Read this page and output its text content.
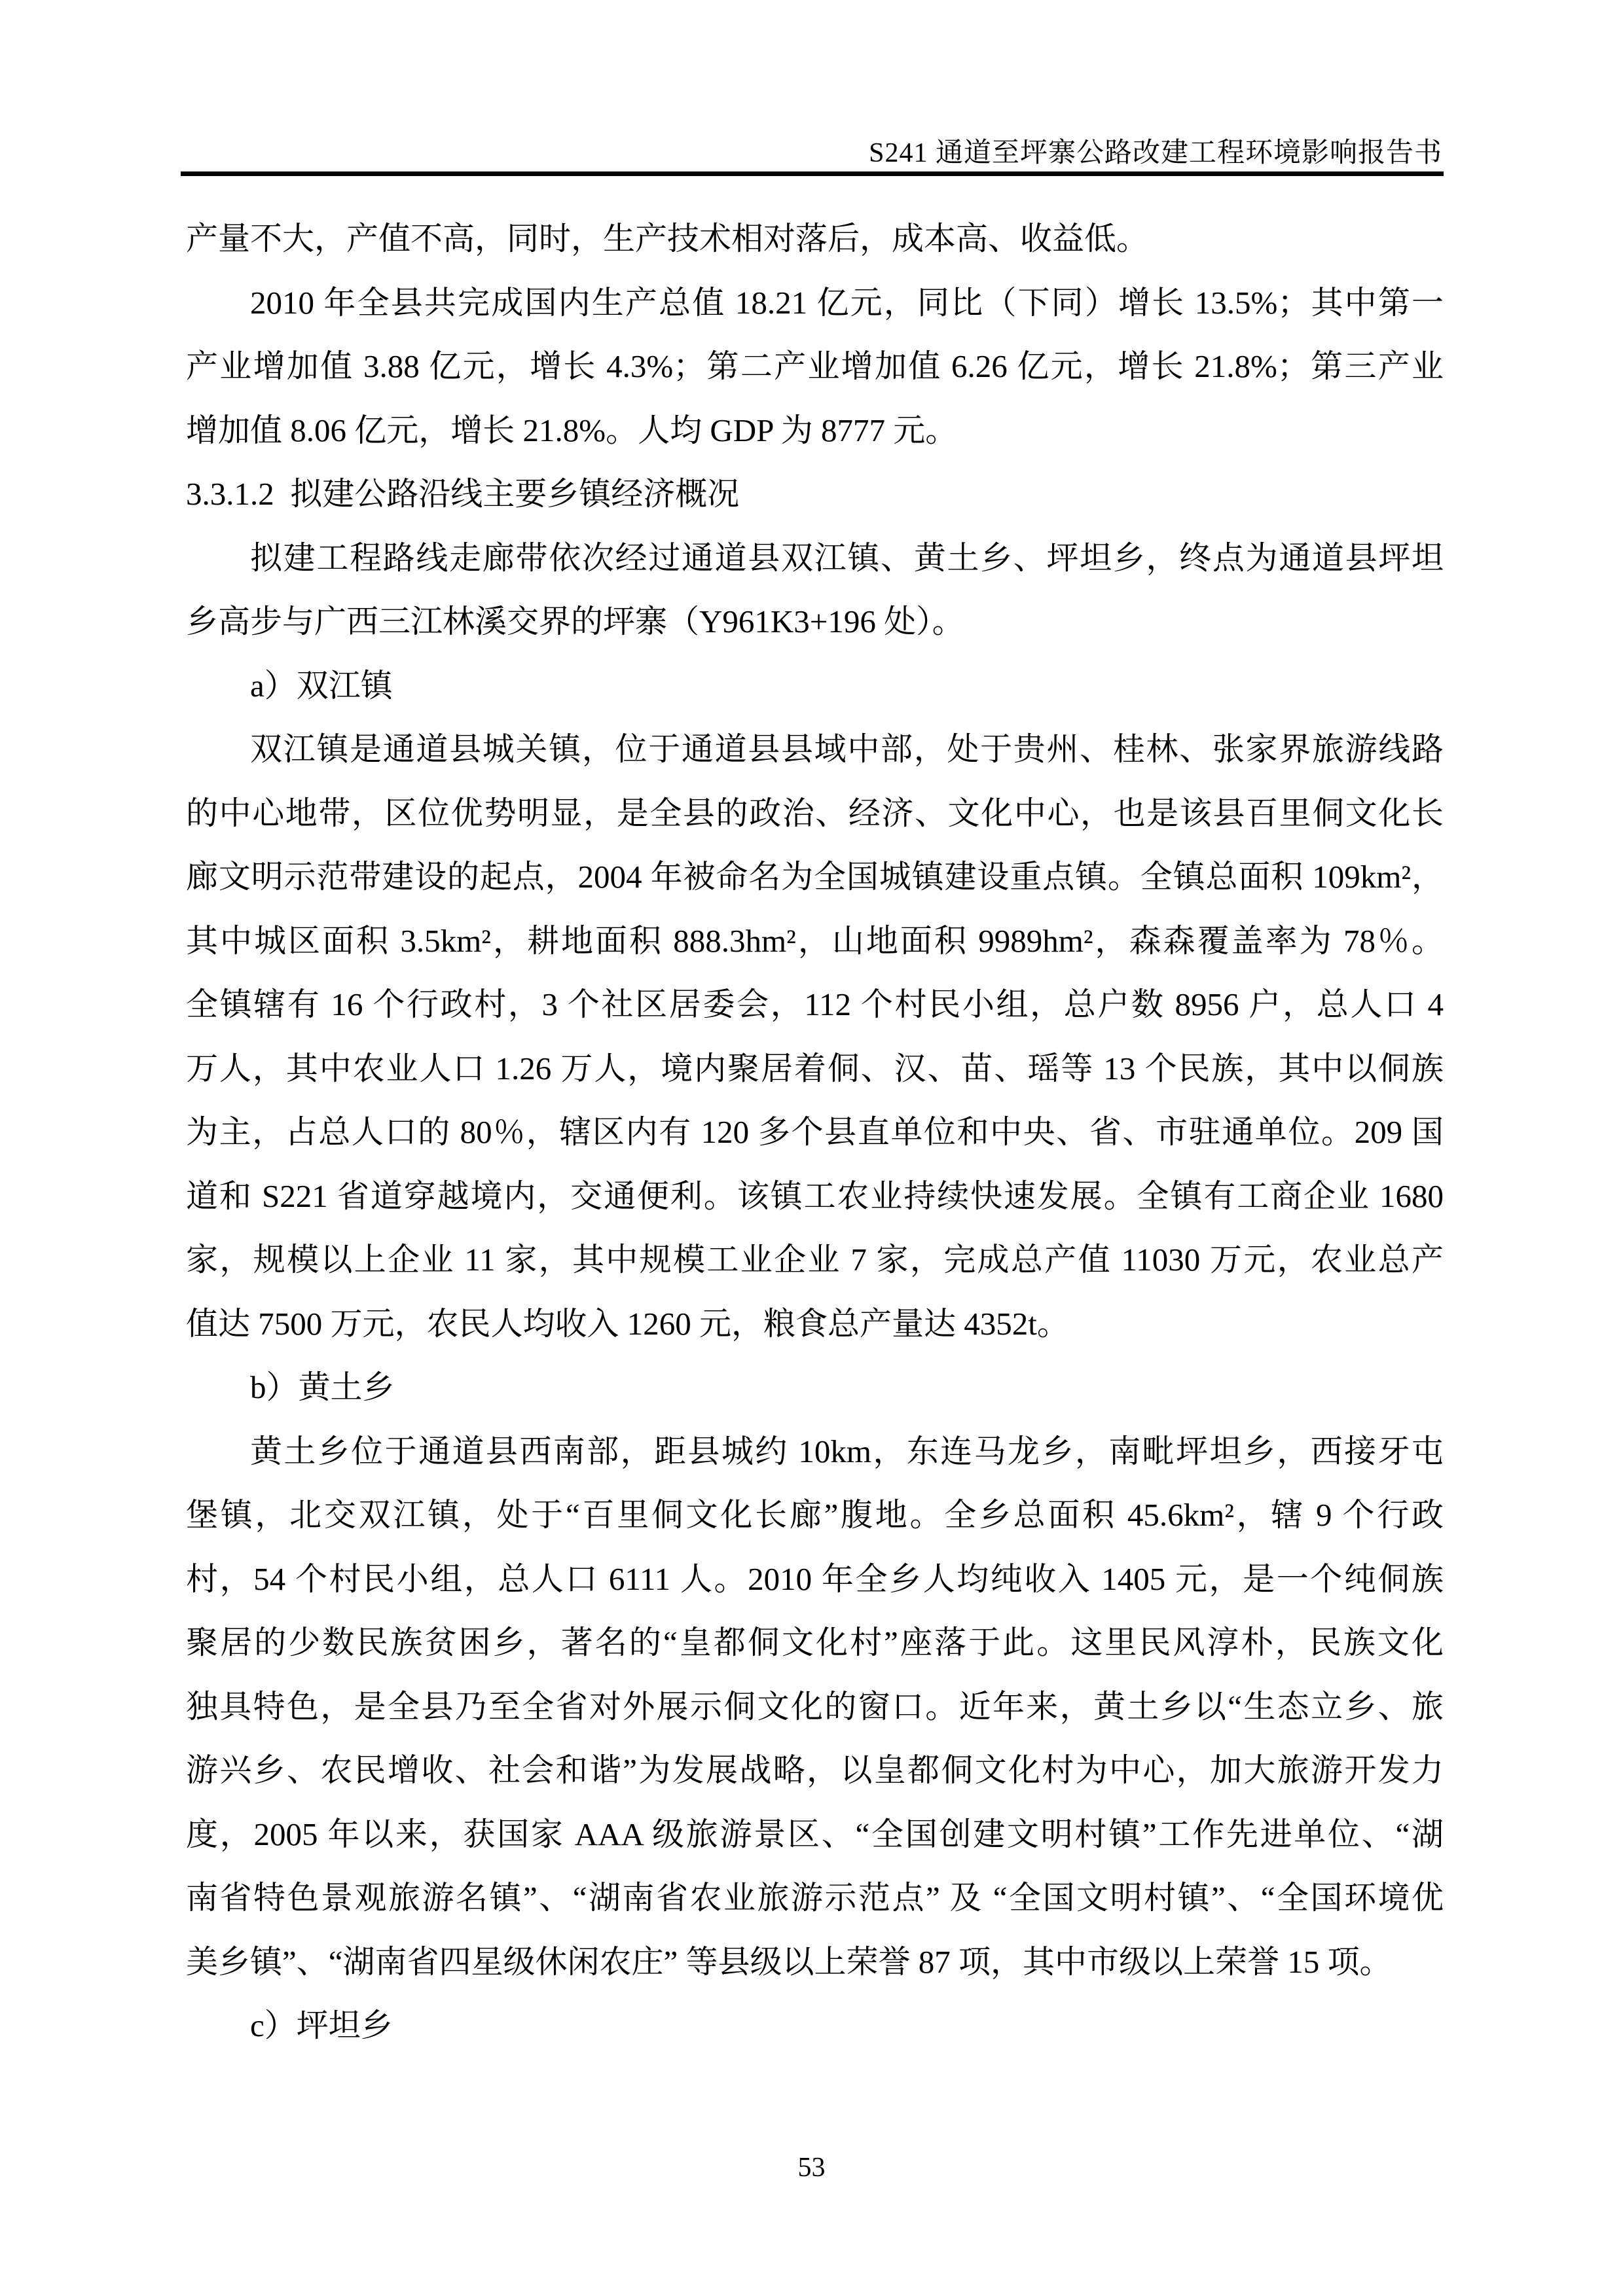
S241 通道至坪寨公路改建工程环境影响报告书
产量不大，产值不高，同时，生产技术相对落后，成本高、收益低。
2010 年全县共完成国内生产总值 18.21 亿元，同比（下同）增长 13.5%；其中第一
产业增加值 3.88 亿元，增长 4.3%；第二产业增加值 6.26 亿元，增长 21.8%；第三产业
增加值 8.06 亿元，增长 21.8%。人均 GDP 为 8777 元。
3.3.1.2  拟建公路沿线主要乡镇经济概况
拟建工程路线走廊带依次经过通道县双江镇、黄土乡、坪坦乡，终点为通道县坪坦
乡高步与广西三江林溪交界的坪寨（Y961K3+196 处）。
a）双江镇
双江镇是通道县城关镇，位于通道县县域中部，处于贵州、桂林、张家界旅游线路
的中心地带，区位优势明显，是全县的政治、经济、文化中心，也是该县百里侗文化长
廊文明示范带建设的起点，2004 年被命名为全国城镇建设重点镇。全镇总面积 109km²，
其中城区面积 3.5km²，耕地面积 888.3hm²，山地面积 9989hm²，森森覆盖率为 78％。
全镇辖有 16 个行政村，3 个社区居委会，112 个村民小组，总户数 8956 户，总人口 4
万人，其中农业人口 1.26 万人，境内聚居着侗、汉、苗、瑶等 13 个民族，其中以侗族
为主，占总人口的 80％，辖区内有 120 多个县直单位和中央、省、市驻通单位。209 国
道和 S221 省道穿越境内，交通便利。该镇工农业持续快速发展。全镇有工商企业 1680
家，规模以上企业 11 家，其中规模工业企业 7 家，完成总产值 11030 万元，农业总产
值达 7500 万元，农民人均收入 1260 元，粮食总产量达 4352t。
b）黄土乡
黄土乡位于通道县西南部，距县城约 10km，东连马龙乡，南毗坪坦乡，西接牙屯
堡镇，北交双江镇，处于“百里侗文化长廊”腹地。全乡总面积 45.6km²，辖 9 个行政
村，54 个村民小组，总人口 6111 人。2010 年全乡人均纯收入 1405 元，是一个纯侗族
聚居的少数民族贫困乡，著名的“皇都侗文化村”座落于此。这里民风淳朴，民族文化
独具特色，是全县乃至全省对外展示侗文化的窗口。近年来，黄土乡以“生态立乡、旅
游兴乡、农民增收、社会和谐”为发展战略，以皇都侗文化村为中心，加大旅游开发力
度，2005 年以来，获国家 AAA 级旅游景区、“全国创建文明村镇”工作先进单位、“湖
南省特色景观旅游名镇”、“湖南省农业旅游示范点” 及 “全国文明村镇”、“全国环境优
美乡镇”、“湖南省四星级休闲农庄” 等县级以上荣誉 87 项，其中市级以上荣誉 15 项。
c）坪坦乡
53
